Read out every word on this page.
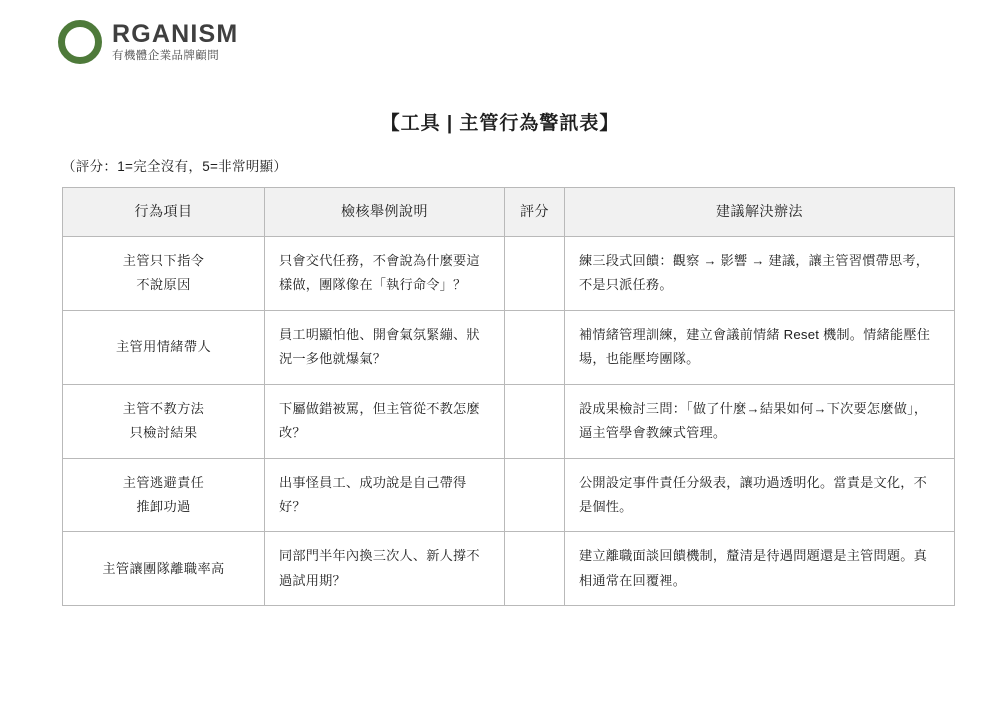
RGANISM
有機體企業品牌顧問
【工具 | 主管行為警訊表】
（評分：1=完全沒有，5=非常明顯）
行為項目	檢核舉例說明	評分	建議解決辦法

主管只下指令
不說原因	只會交代任務，不會說為什麼要這樣做，團隊像在「執行命令」？		練三段式回饋：觀察 → 影響 → 建議，讓主管習慣帶思考，不是只派任務。

主管用情緒帶人	員工明顯怕他、開會氣氛緊繃、狀況一多他就爆氣？		補情緒管理訓練，建立會議前情緒 Reset 機制。情緒能壓住場，也能壓垮團隊。

主管不教方法
只檢討結果	下屬做錯被罵，但主管從不教怎麼改？		設成果檢討三問：「做了什麼→結果如何→下次要怎麼做」，逼主管學會教練式管理。

主管逃避責任
推卸功過	出事怪員工、成功說是自己帶得好？		公開設定事件責任分級表，讓功過透明化。當責是文化，不是個性。

主管讓團隊離職率高	同部門半年內換三次人、新人撐不過試用期？		建立離職面談回饋機制，釐清是待遇問題還是主管問題。真相通常在回覆裡。
